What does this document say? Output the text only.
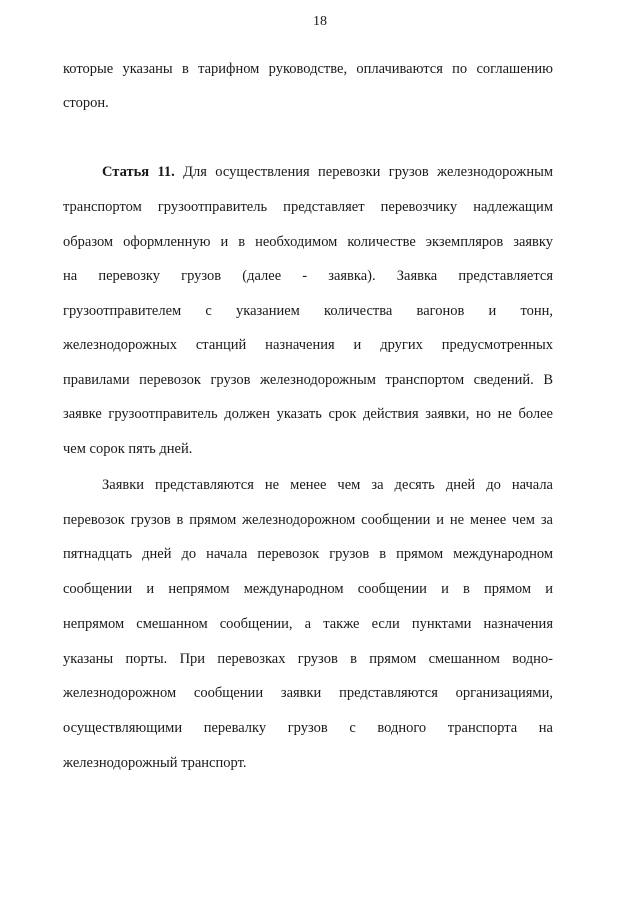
18
которые указаны в тарифном руководстве, оплачиваются по соглашению
сторон.
Статья 11. Для осуществления перевозки грузов железнодорожным
транспортом грузоотправитель представляет перевозчику надлежащим
образом оформленную и в необходимом количестве экземпляров заявку
на перевозку грузов (далее - заявка). Заявка представляется
грузоотправителем с указанием количества вагонов и тонн,
железнодорожных станций назначения и других предусмотренных
правилами перевозок грузов железнодорожным транспортом сведений. В
заявке грузоотправитель должен указать срок действия заявки, но не более
чем сорок пять дней.
Заявки представляются не менее чем за десять дней до начала
перевозок грузов в прямом железнодорожном сообщении и не менее чем за
пятнадцать дней до начала перевозок грузов в прямом международном
сообщении и непрямом международном сообщении и в прямом и
непрямом смешанном сообщении, а также если пунктами назначения
указаны порты. При перевозках грузов в прямом смешанном водно-
железнодорожном сообщении заявки представляются организациями,
осуществляющими перевалку грузов с водного транспорта на
железнодорожный транспорт.
